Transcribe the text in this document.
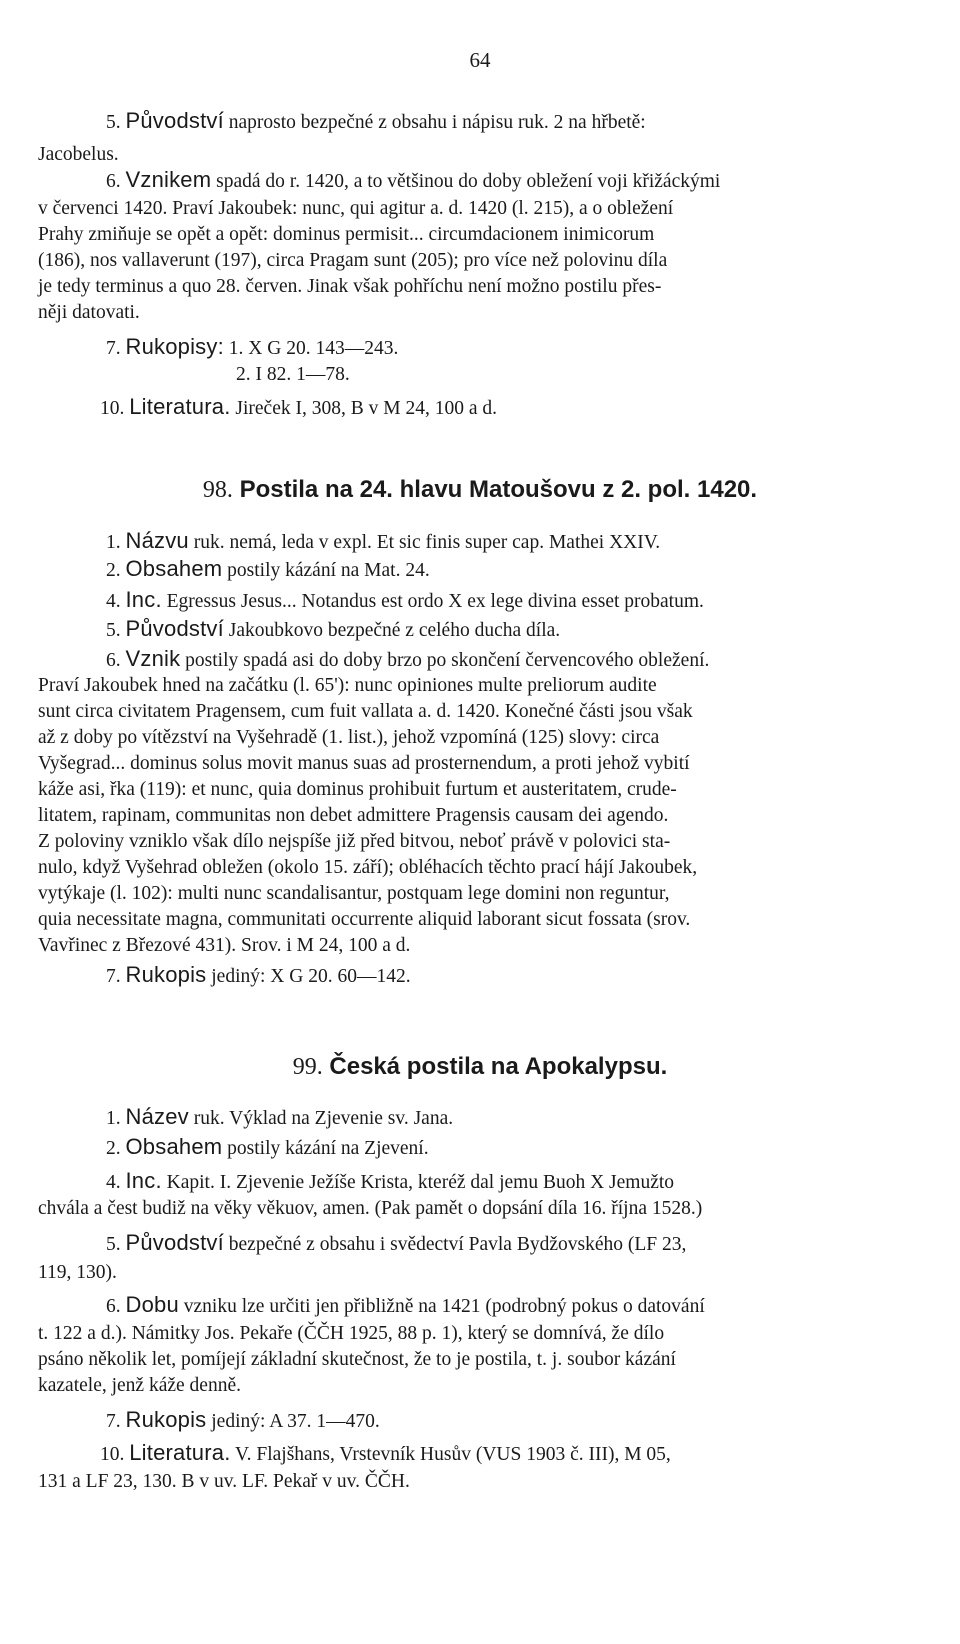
64
5. Původství naprosto bezpečné z obsahu i nápisu ruk. 2 na hřbetě:
Jacobelus.
6. Vznikem spadá do r. 1420, a to většinou do doby obležení voji křižáckými
v červenci 1420. Praví Jakoubek: nunc, qui agitur a. d. 1420 (l. 215), a o obležení
Prahy zmiňuje se opět a opět: dominus permisit... circumdacionem inimicorum
(186), nos vallaverunt (197), circa Pragam sunt (205); pro více než polovinu díla
je tedy terminus a quo 28. červen. Jinak však pohříchu není možno postilu přes-
něji datovati.
7. Rukopisy: 1. X G 20. 143—243.
2. I 82. 1—78.
10. Literatura. Jireček I, 308, B v M 24, 100 a d.
98. Postila na 24. hlavu Matoušovu z 2. pol. 1420.
1. Názvu ruk. nemá, leda v expl. Et sic finis super cap. Mathei XXIV.
2. Obsahem postily kázání na Mat. 24.
4. Inc. Egressus Jesus... Notandus est ordo X ex lege divina esset probatum.
5. Původství Jakoubkovo bezpečné z celého ducha díla.
6. Vznik postily spadá asi do doby brzo po skončení červencového obležení.
Praví Jakoubek hned na začátku (l. 65'): nunc opiniones multe preliorum audite
sunt circa civitatem Pragensem, cum fuit vallata a. d. 1420. Konečné části jsou však
až z doby po vítězství na Vyšehradě (1. list.), jehož vzpomíná (125) slovy: circa
Vyšegrad... dominus solus movit manus suas ad prosternendum, a proti jehož vybití
káže asi, řka (119): et nunc, quia dominus prohibuit furtum et austeritatem, crude-
litatem, rapinam, communitas non debet admittere Pragensis causam dei agendo.
Z poloviny vzniklo však dílo nejspíše již před bitvou, neboť právě v polovici sta-
nulo, když Vyšehrad obležen (okolo 15. září); obléhacích těchto prací hájí Jakoubek,
vytýkaje (l. 102): multi nunc scandalisantur, postquam lege domini non reguntur,
quia necessitate magna, communitati occurrente aliquid laborant sicut fossata (srov.
Vavřinec z Březové 431). Srov. i M 24, 100 a d.
7. Rukopis jediný: X G 20. 60—142.
99. Česká postila na Apokalypsu.
1. Název ruk. Výklad na Zjevenie sv. Jana.
2. Obsahem postily kázání na Zjevení.
4. Inc. Kapit. I. Zjevenie Ježíše Krista, kteréž dal jemu Buoh X Jemužto
chvála a čest budiž na věky věkuov, amen. (Pak pamět o dopsání díla 16. října 1528.)
5. Původství bezpečné z obsahu i svědectví Pavla Bydžovského (LF 23,
119, 130).
6. Dobu vzniku lze určiti jen přibližně na 1421 (podrobný pokus o datování
t. 122 a d.). Námitky Jos. Pekaře (ČČH 1925, 88 p. 1), který se domnívá, že dílo
psáno několik let, pomíjejí základní skutečnost, že to je postila, t. j. soubor kázání
kazatele, jenž káže denně.
7. Rukopis jediný: A 37. 1—470.
10. Literatura. V. Flajšhans, Vrstevník Husův (VUS 1903 č. III), M 05,
131 a LF 23, 130. B v uv. LF. Pekař v uv. ČČH.
